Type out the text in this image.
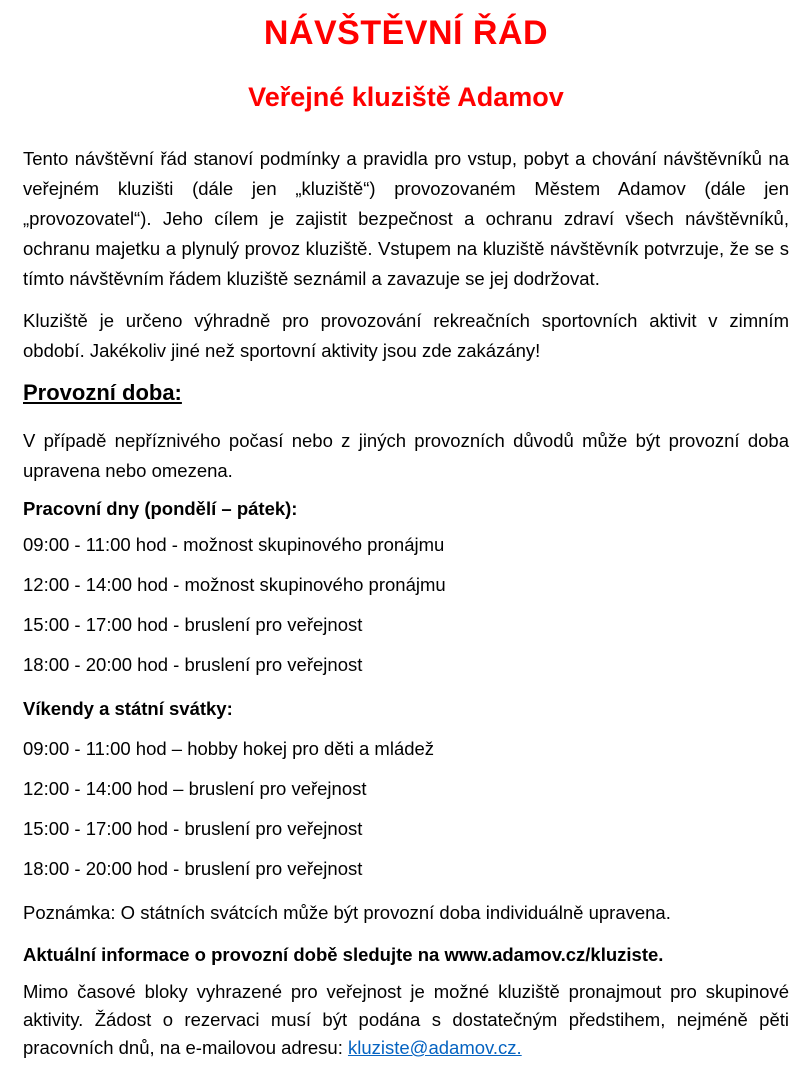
NÁVŠTĚVNÍ ŘÁD
Veřejné kluziště Adamov

Tento návštěvní řád stanoví podmínky a pravidla pro vstup, pobyt a chování návštěvníků na veřejném kluzišti (dále jen „kluziště“) provozovaném Městem Adamov (dále jen „provozovatel“). Jeho cílem je zajistit bezpečnost a ochranu zdraví všech návštěvníků, ochranu majetku a plynulý provoz kluziště. Vstupem na kluziště návštěvník potvrzuje, že se s tímto návštěvním řádem kluziště seznámil a zavazuje se jej dodržovat.

Kluziště je určeno výhradně pro provozování rekreačních sportovních aktivit v zimním období. Jakékoliv jiné než sportovní aktivity jsou zde zakázány!

Provozní doba:

V případě nepříznivého počasí nebo z jiných provozních důvodů může být provozní doba upravena nebo omezena.

Pracovní dny (pondělí – pátek):

09:00 - 11:00 hod - možnost skupinového pronájmu

12:00 - 14:00 hod - možnost skupinového pronájmu

15:00 - 17:00 hod - bruslení pro veřejnost

18:00 - 20:00 hod - bruslení pro veřejnost

Víkendy a státní svátky:

09:00 - 11:00 hod – hobby hokej pro děti a mládež

12:00 - 14:00 hod – bruslení pro veřejnost

15:00 - 17:00 hod - bruslení pro veřejnost

18:00 - 20:00 hod - bruslení pro veřejnost

Poznámka: O státních svátcích může být provozní doba individuálně upravena.

Aktuální informace o provozní době sledujte na www.adamov.cz/kluziste.

Mimo časové bloky vyhrazené pro veřejnost je možné kluziště pronajmout pro skupinové aktivity. Žádost o rezervaci musí být podána s dostatečným předstihem, nejméně pěti pracovních dnů, na e-mailovou adresu: kluziste@adamov.cz.
